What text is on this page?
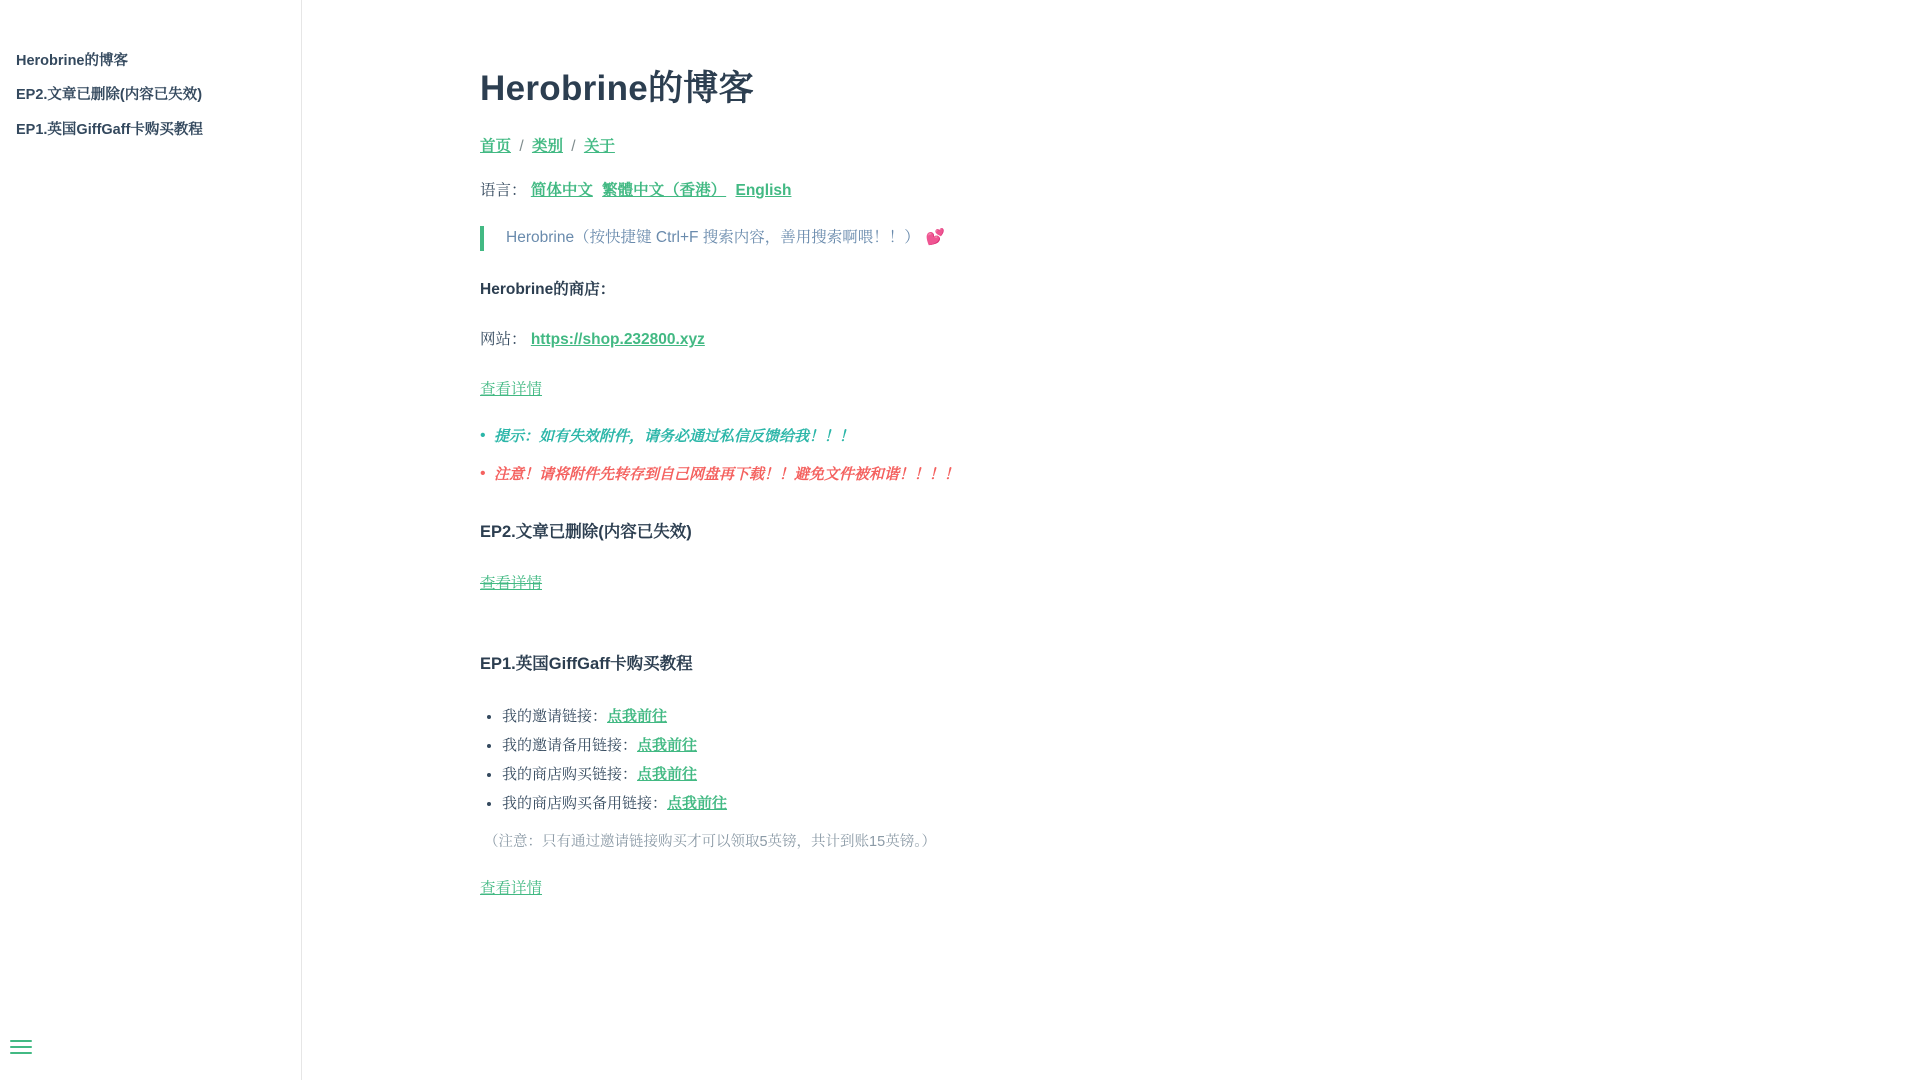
Herobrine的博客
EP2.文章已删除(内容已失效)
EP1.英国GiffGaff卡购买教程
Herobrine的博客

首页 / 类别 / 关于

语言： 简体中文 繁體中文（香港） English

Herobrine（按快捷键 Ctrl+F 搜索内容，善用搜索啊喂！！） 💕

Herobrine的商店：

网站： https://shop.232800.xyz

查看详情
• 提示：如有失效附件，请务必通过私信反馈给我！！！
• 注意！请将附件先转存到自己网盘再下载！！避免文件被和谐！！！！
EP2.文章已删除(内容已失效)
查看详情
EP1.英国GiffGaff卡购买教程
• 我的邀请链接：点我前往
• 我的邀请备用链接：点我前往
• 我的商店购买链接：点我前往
• 我的商店购买备用链接：点我前往
（注意：只有通过邀请链接购买才可以领取5英镑，共计到账15英镑。）
查看详情
